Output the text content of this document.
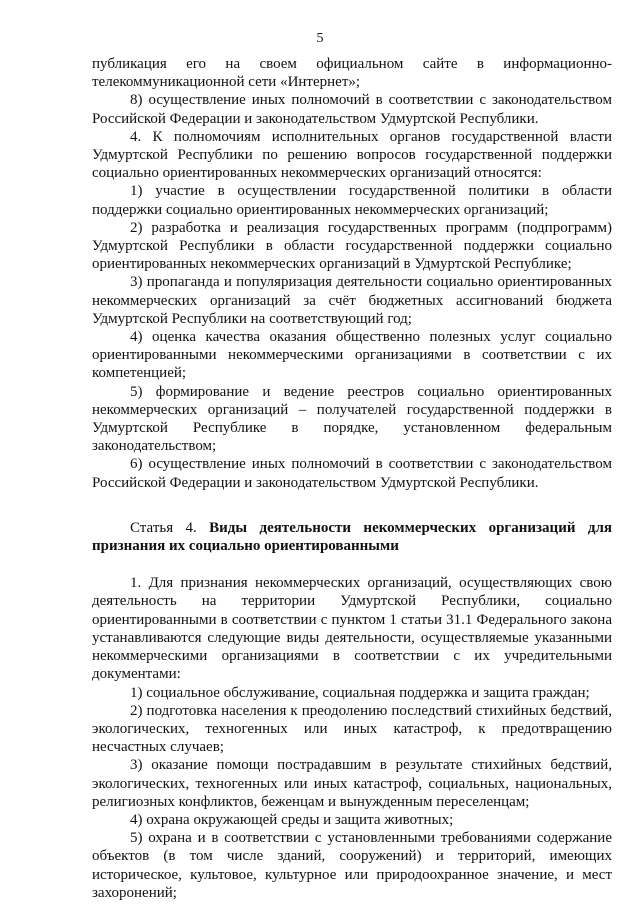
5

публикация его на своем официальном сайте в информационно-телекоммуникационной сети «Интернет»;

8) осуществление иных полномочий в соответствии с законодательством Российской Федерации и законодательством Удмуртской Республики.

4. К полномочиям исполнительных органов государственной власти Удмуртской Республики по решению вопросов государственной поддержки социально ориентированных некоммерческих организаций относятся:

1) участие в осуществлении государственной политики в области поддержки социально ориентированных некоммерческих организаций;

2) разработка и реализация государственных программ (подпрограмм) Удмуртской Республики в области государственной поддержки социально ориентированных некоммерческих организаций в Удмуртской Республике;

3) пропаганда и популяризация деятельности социально ориентированных некоммерческих организаций за счёт бюджетных ассигнований бюджета Удмуртской Республики на соответствующий год;

4) оценка качества оказания общественно полезных услуг социально ориентированными некоммерческими организациями в соответствии с их компетенцией;

5) формирование и ведение реестров социально ориентированных некоммерческих организаций – получателей государственной поддержки в Удмуртской Республике в порядке, установленном федеральным законодательством;

6) осуществление иных полномочий в соответствии с законодательством Российской Федерации и законодательством Удмуртской Республики.

Статья 4. Виды деятельности некоммерческих организаций для признания их социально ориентированными

1. Для признания некоммерческих организаций, осуществляющих свою деятельность на территории Удмуртской Республики, социально ориентированными в соответствии с пунктом 1 статьи 31.1 Федерального закона устанавливаются следующие виды деятельности, осуществляемые указанными некоммерческими организациями в соответствии с их учредительными документами:

1) социальное обслуживание, социальная поддержка и защита граждан;

2) подготовка населения к преодолению последствий стихийных бедствий, экологических, техногенных или иных катастроф, к предотвращению несчастных случаев;

3) оказание помощи пострадавшим в результате стихийных бедствий, экологических, техногенных или иных катастроф, социальных, национальных, религиозных конфликтов, беженцам и вынужденным переселенцам;

4) охрана окружающей среды и защита животных;

5) охрана и в соответствии с установленными требованиями содержание объектов (в том числе зданий, сооружений) и территорий, имеющих историческое, культовое, культурное или природоохранное значение, и мест захоронений;
